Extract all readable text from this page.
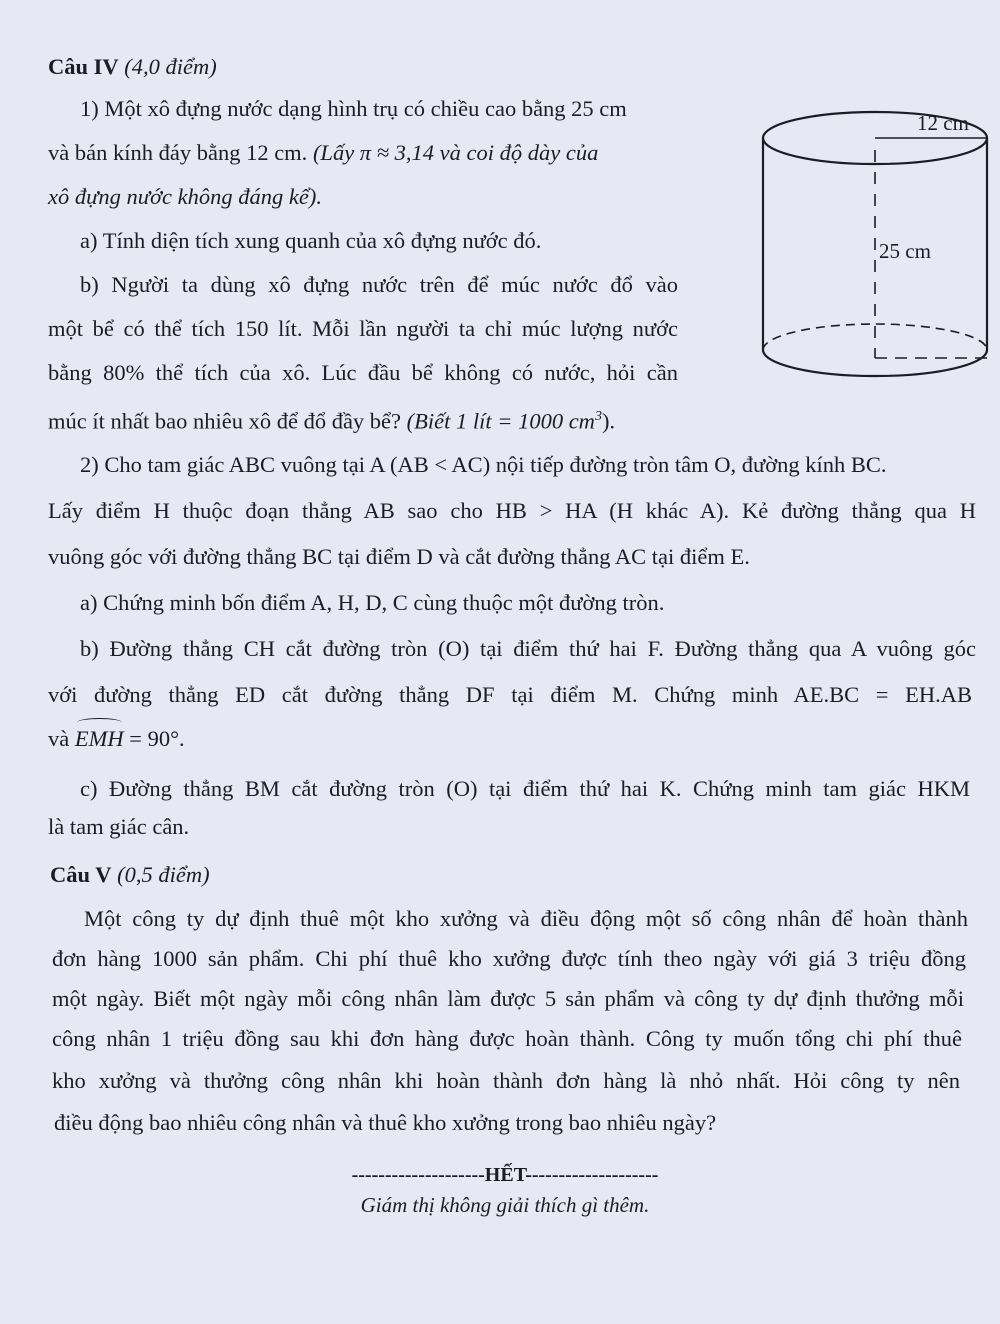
Câu IV (4,0 điểm)
1) Một xô đựng nước dạng hình trụ có chiều cao bằng 25 cm
và bán kính đáy bằng 12 cm. (Lấy π ≈ 3,14 và coi độ dày của
xô đựng nước không đáng kể).
a) Tính diện tích xung quanh của xô đựng nước đó.
b) Người ta dùng xô đựng nước trên để múc nước đổ vào
một bể có thể tích 150 lít. Mỗi lần người ta chỉ múc lượng nước
bằng 80% thể tích của xô. Lúc đầu bể không có nước, hỏi cần
múc ít nhất bao nhiêu xô để đổ đầy bể? (Biết 1 lít = 1000 $cm^3$).
12 cm
25 cm
2) Cho tam giác ABC vuông tại A (AB < AC) nội tiếp đường tròn tâm O, đường kính BC.
Lấy điểm H thuộc đoạn thẳng AB sao cho HB > HA (H khác A). Kẻ đường thẳng qua H
vuông góc với đường thẳng BC tại điểm D và cắt đường thẳng AC tại điểm E.
a) Chứng minh bốn điểm A, H, D, C cùng thuộc một đường tròn.
b) Đường thẳng CH cắt đường tròn (O) tại điểm thứ hai F. Đường thẳng qua A vuông góc
với đường thẳng ED cắt đường thẳng DF tại điểm M. Chứng minh AE.BC = EH.AB
và EMH = 90°.
c) Đường thẳng BM cắt đường tròn (O) tại điểm thứ hai K. Chứng minh tam giác HKM
là tam giác cân.
Câu V (0,5 điểm)
Một công ty dự định thuê một kho xưởng và điều động một số công nhân để hoàn thành
đơn hàng 1000 sản phẩm. Chi phí thuê kho xưởng được tính theo ngày với giá 3 triệu đồng
một ngày. Biết một ngày mỗi công nhân làm được 5 sản phẩm và công ty dự định thưởng mỗi
công nhân 1 triệu đồng sau khi đơn hàng được hoàn thành. Công ty muốn tổng chi phí thuê
kho xưởng và thưởng công nhân khi hoàn thành đơn hàng là nhỏ nhất. Hỏi công ty nên
điều động bao nhiêu công nhân và thuê kho xưởng trong bao nhiêu ngày?
--------------------HẾT--------------------
Giám thị không giải thích gì thêm.
